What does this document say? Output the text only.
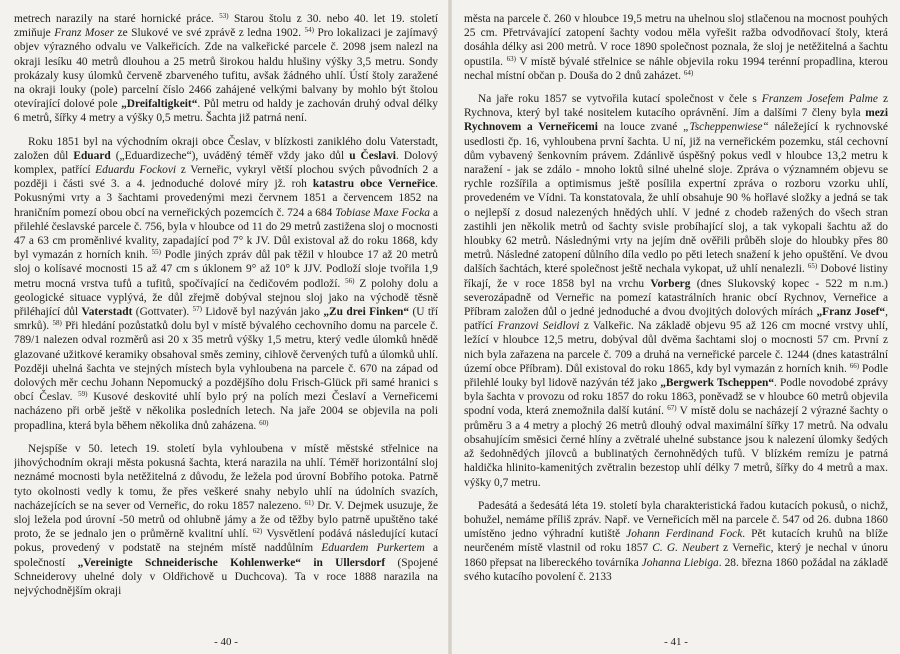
metrech narazily na staré hornické práce. $^{53)}$ Starou štolu z 30. nebo 40. let 19. století zmiňuje Franz Moser ze Slukové ve své zprávě z ledna 1902. $^{54)}$ Pro lokalizaci je zajímavý objev výrazného odvalu ve Valkeřicích. Zde na valkeřické parcele č. 2098 jsem nalezl na okraji lesíku 40 metrů dlouhou a 25 metrů širokou haldu hlušiny výšky 3,5 metru. Sondy prokázaly kusy úlomků červeně zbarveného tufitu, avšak žádného uhlí. Ústí štoly zaražené na okraji louky (pole) parcelní číslo 2466 zahájené velkými balvany by mohlo být štolou otevírající dolové pole „Dreifaltigkeit“. Půl metru od haldy je zachován druhý odval délky 6 metrů, šířky 4 metry a výšky 0,5 metru. Šachta již patrná není.

Roku 1851 byl na východním okraji obce Česlav, v blízkosti zaniklého dolu Vaterstadt, založen důl Eduard („Eduardizeche“), uváděný téměř vždy jako důl u Česlavi. Dolový komplex, patřící Eduardu Fockovi z Verneřic, vykryl větší plochou svých původních 2 a později i části své 3. a 4. jednoduché dolové míry jž. roh katastru obce Verneřice. Pokusnými vrty a 3 šachtami provedenými mezi červnem 1851 a červencem 1852 na hraničním pomezí obou obcí na verneřických pozemcích č. 724 a 684 Tobiase Maxe Focka a přilehlé česlavské parcele č. 756, byla v hloubce od 11 do 29 metrů zastižena sloj o mocnosti 47 a 63 cm proměnlivé kvality, zapadající pod 7° k JV. Důl existoval až do roku 1868, kdy byl vymazán z horních knih. $^{55)}$ Podle jiných zpráv důl pak těžil v hloubce 17 až 20 metrů sloj o kolísavé mocnosti 15 až 47 cm s úklonem 9° až 10° k JJV. Podloží sloje tvořila 1,9 metru mocná vrstva tufů a tufitů, spočívající na čedičovém podloží. $^{56)}$ Z polohy dolu a geologické situace vyplývá, že důl zřejmě dobýval stejnou sloj jako na východě těsně přiléhající důl Vaterstadt (Gottvater). $^{57)}$ Lidově byl nazýván jako „Zu drei Finken“ (U tří smrků). $^{58)}$ Při hledání pozůstatků dolu byl v místě bývalého cechovního domu na parcele č. 789/1 nalezen odval rozměrů asi 20 x 35 metrů výšky 1,5 metru, který vedle úlomků hnědě glazované užitkové keramiky obsahoval směs zeminy, cihlově červených tufů a úlomků uhlí. Později uhelná šachta ve stejných místech byla vyhloubena na parcele č. 670 na západ od dolových měr cechu Johann Nepomucký a pozdějšího dolu Frisch-Glück při samé hranici s obcí Česlav. $^{59)}$ Kusové deskovité uhlí bylo prý na polích mezi Česlaví a Verneřicemi nacházeno při orbě ještě v několika posledních letech. Na jaře 2004 se objevila na poli propadlina, která byla během několika dnů zaházena. $^{60)}$

Nejspíše v 50. letech 19. století byla vyhloubena v místě městské střelnice na jihovýchodním okraji města pokusná šachta, která narazila na uhlí. Téměř horizontální sloj neznámé mocnosti byla netěžitelná z důvodu, že ležela pod úrovní Bobřího potoka. Patrně tyto okolnosti vedly k tomu, že přes veškeré snahy nebylo uhlí na údolních svazích, nacházejících se na sever od Verneřic, do roku 1857 nalezeno. $^{61)}$ Dr. V. Dejmek usuzuje, že sloj ležela pod úrovní -50 metrů od ohlubně jámy a že od těžby bylo patrně upuštěno také proto, že se jednalo jen o průměrně kvalitní uhlí. $^{62)}$ Vysvětlení podává následující kutací pokus, provedený v podstatě na stejném místě naddůlním Eduardem Purkertem a společností „Vereinigte Schneiderische Kohlenwerke“ in Ullersdorf (Spojené Schneiderovy uhelné doly v Oldřichově u Duchcova). Ta v roce 1888 narazila na nejvýchodnějším okraji

- 40 -

města na parcele č. 260 v hloubce 19,5 metru na uhelnou sloj stlačenou na mocnost pouhých 25 cm. Přetrvávající zatopení šachty vodou měla vyřešit ražba odvodňovací štoly, která dosáhla délky asi 200 metrů. V roce 1890 společnost poznala, že sloj je netěžitelná a šachtu opustila. $^{63)}$ V místě bývalé střelnice se náhle objevila roku 1994 terénní propadlina, kterou nechal místní občan p. Douša do 2 dnů zaházet. $^{64)}$

Na jaře roku 1857 se vytvořila kutací společnost v čele s Franzem Josefem Palme z Rychnova, který byl také nositelem kutacího oprávnění. Jím a dalšími 7 členy byla mezi Rychnovem a Verneřicemi na louce zvané „Tscheppenwiese“ náležející k rychnovské usedlosti čp. 16, vyhloubena první šachta. U ní, již na verneřickém pozemku, stál cechovní dům vybavený šenkovním právem. Zdánlivě úspěšný pokus vedl v hloubce 13,2 metru k naražení - jak se zdálo - mnoho loktů silné uhelné sloje. Zpráva o významném objevu se rychle rozšířila a optimismus ještě posílila expertní zpráva o rozboru vzorku uhlí, provedeném ve Vídni. Ta konstatovala, že uhlí obsahuje 90 % hořlavé složky a jedná se tak o nejlepší z dosud nalezených hnědých uhlí. V jedné z chodeb ražených do všech stran zastihli jen několik metrů od šachty svisle probíhající sloj, a tak vykopali šachtu až do hloubky 62 metrů. Následnými vrty na jejím dně ověřili průběh sloje do hloubky přes 80 metrů. Následné zatopení důlního díla vedlo po pěti letech snažení k jeho opuštění. Ve dvou dalších šachtách, které společnost ještě nechala vykopat, už uhlí nenalezli. $^{65)}$ Dobové listiny říkají, že v roce 1858 byl na vrchu Vorberg (dnes Slukovský kopec - 522 m n.m.) severozápadně od Verneřic na pomezí katastrálních hranic obcí Rychnov, Verneřice a Příbram založen důl o jedné jednoduché a dvou dvojitých dolových mírách „Franz Josef“, patřící Franzovi Seidlovi z Valkeřic. Na základě objevu 95 až 126 cm mocné vrstvy uhlí, ležící v hloubce 12,5 metru, dobýval důl dvěma šachtami sloj o mocnosti 57 cm. První z nich byla zařazena na parcele č. 709 a druhá na verneřické parcele č. 1244 (dnes katastrální území obce Příbram). Důl existoval do roku 1865, kdy byl vymazán z horních knih. $^{66)}$ Podle přilehlé louky byl lidově nazýván též jako „Bergwerk Tscheppen“. Podle novodobé zprávy byla šachta v provozu od roku 1857 do roku 1863, poněvadž se v hloubce 60 metrů objevila spodní voda, která znemožnila další kutání. $^{67)}$ V místě dolu se nacházejí 2 výrazné šachty o průměru 3 a 4 metry a plochý 26 metrů dlouhý odval maximální šířky 17 metrů. Na odvalu obsahujícím směsici černé hlíny a zvětralé uhelné substance jsou k nalezení úlomky šedých až šedohnědých jílovců a bublinatých černohnědých tufů. V blízkém remízu je patrná haldička hlinito-kamenitých zvětralin bezestop uhlí délky 7 metrů, šířky do 4 metrů a max. výšky 0,7 metru.

Padesátá a šedesátá léta 19. století byla charakteristická řadou kutacích pokusů, o nichž, bohužel, nemáme příliš zpráv. Např. ve Verneřicích měl na parcele č. 547 od 26. dubna 1860 umístěno jedno výhradní kutiště Johann Ferdinand Fock. Pět kutacích kruhů na blíže neurčeném místě vlastnil od roku 1857 C. G. Neubert z Verneřic, který je nechal v únoru 1860 přepsat na libereckého továrníka Johanna Liebiga. 28. března 1860 požádal na základě svého kutacího povolení č. 2133

- 41 -
